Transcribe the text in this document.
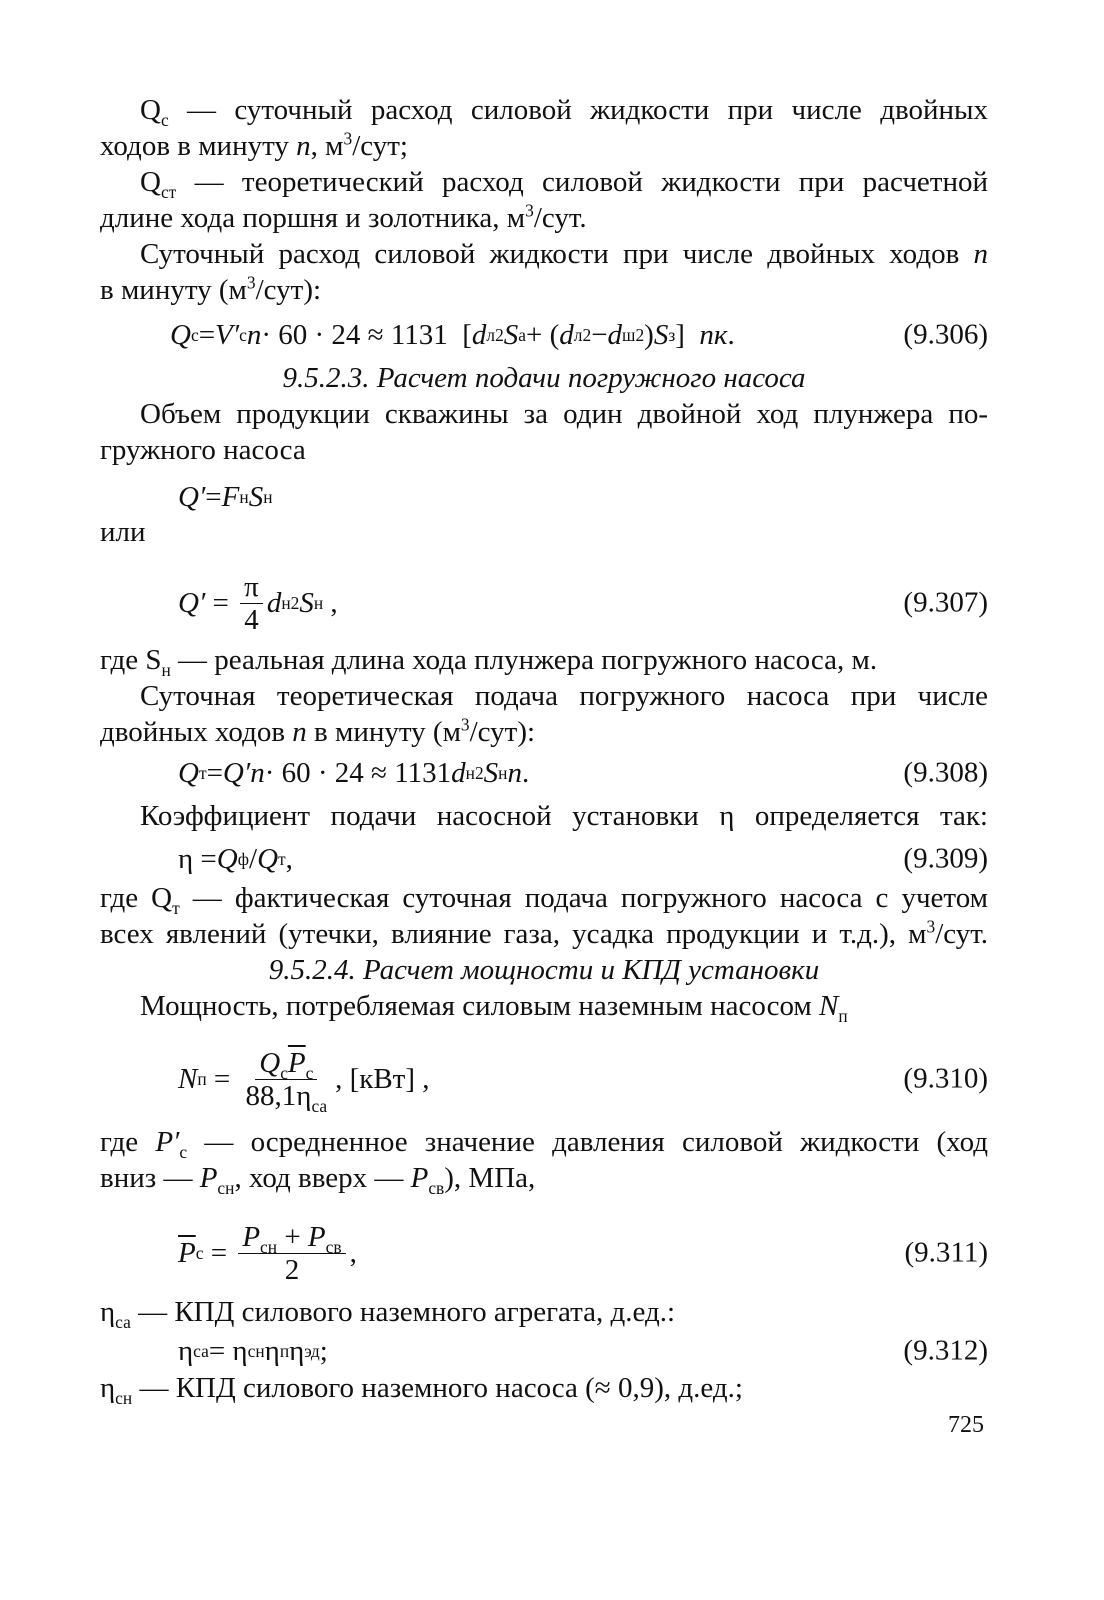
$Q_с$ — суточный расход силовой жидкости при числе двойных
ходов в минуту n, $м^3$/сут;
$Q_{ст}$ — теоретический расход силовой жидкости при расчетной
длине хода поршня и золотника, $м^3$/сут.
Суточный расход силовой жидкости при числе двойных ходов n
в минуту $(м^3/сут)$:
Q с = V′ с n · 60 · 24 ≈ 1131  [ d л 2 S а + ( d л 2 − d ш 2 ) S з ] пк .	(9.306)
9.5.2.3. Расчет подачи погружного насоса
Объем продукции скважины за один двойной ход плунжера по-
гружного насоса
Q′ = F н S н
или
$Q' = \frac{\pi}{4}$ d н 2 S н ,	(9.307)
где $S_н$ — реальная длина хода плунжера погружного насоса, м.
Суточная теоретическая подача погружного насоса при числе
двойных ходов n в минуту $(м^3/сут)$:
Q т = Q′n · 60 · 24 ≈ 1131 d н 2 S н n .	(9.308)
Коэффициент подачи насосной установки η определяется так:
η = Q ф / Q т ,	(9.309)
где $Q_т$ — фактическая суточная подача погружного насоса с учетом
всех явлений (утечки, влияние газа, усадка продукции и т.д.), $м^3$/сут.
9.5.2.4. Расчет мощности и КПД установки
Мощность, потребляемая силовым наземным насосом $N_п$
N $п = \frac{Q_с\overline{P}_с}{88,1\eta_{са}}$ , [кВт] ,	(9.310)
где $P'_с$ — осредненное значение давления силовой жидкости (ход
вниз — $P_{сн}$, ход вверх — $P_{св}$), МПа,
$\overline{P}$ $с = \frac{P_{сн} + P_{св}}{2}$ ,	(9.311)
$\eta_{са}$ — КПД силового наземного агрегата, д.ед.:
η са = η сн η п η эд ;	(9.312)
$\eta_{сн}$ — КПД силового наземного насоса (≈ 0,9), д.ед.;
725
